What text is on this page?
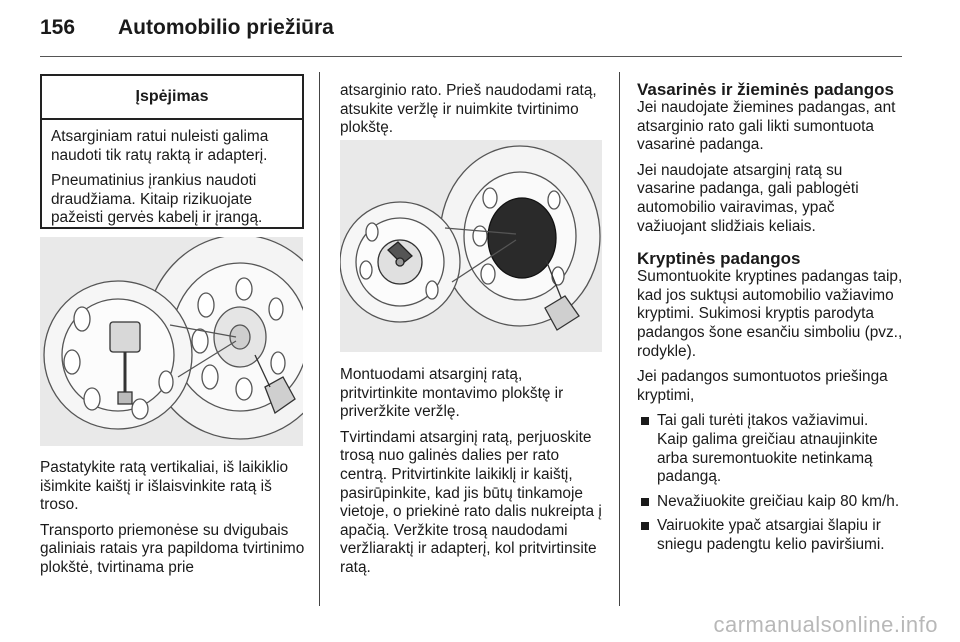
156 Automobilio priežiūra
Įspėjimas

Atsarginiam ratui nuleisti galima naudoti tik ratų raktą ir adapterį.

Pneumatinius įrankius naudoti draudžiama. Kitaip rizikuojate pažeisti gervės kabelį ir įrangą.

Pastatykite ratą vertikaliai, iš laikiklio išimkite kaištį ir išlaisvinkite ratą iš troso.

Transporto priemonėse su dvigubais galiniais ratais yra papildoma tvirtinimo plokštė, tvirtinama prie

atsarginio rato. Prieš naudodami ratą, atsukite veržlę ir nuimkite tvirtinimo plokštę.

Montuodami atsarginį ratą, pritvirtinkite montavimo plokštę ir priveržkite veržlę.

Tvirtindami atsarginį ratą, perjuoskite trosą nuo galinės dalies per rato centrą. Pritvirtinkite laikiklį ir kaištį, pasirūpinkite, kad jis būtų tinkamoje vietoje, o priekinė rato dalis nukreipta į apačią. Veržkite trosą naudodami veržliaraktį ir adapterį, kol pritvirtinsite ratą.

Vasarinės ir žieminės padangos

Jei naudojate žiemines padangas, ant atsarginio rato gali likti sumontuota vasarinė padanga.

Jei naudojate atsarginį ratą su vasarine padanga, gali pablogėti automobilio vairavimas, ypač važiuojant slidžiais keliais.

Kryptinės padangos

Sumontuokite kryptines padangas taip, kad jos suktųsi automobilio važiavimo kryptimi. Sukimosi kryptis parodyta padangos šone esančiu simboliu (pvz., rodykle).

Jei padangos sumontuotos priešinga kryptimi,

Tai gali turėti įtakos važiavimui. Kaip galima greičiau atnaujinkite arba suremontuokite netinkamą padangą.
Nevažiuokite greičiau kaip 80 km/h.
Vairuokite ypač atsargiai šlapiu ir sniegu padengtu kelio paviršiumi.
carmanualsonline.info
